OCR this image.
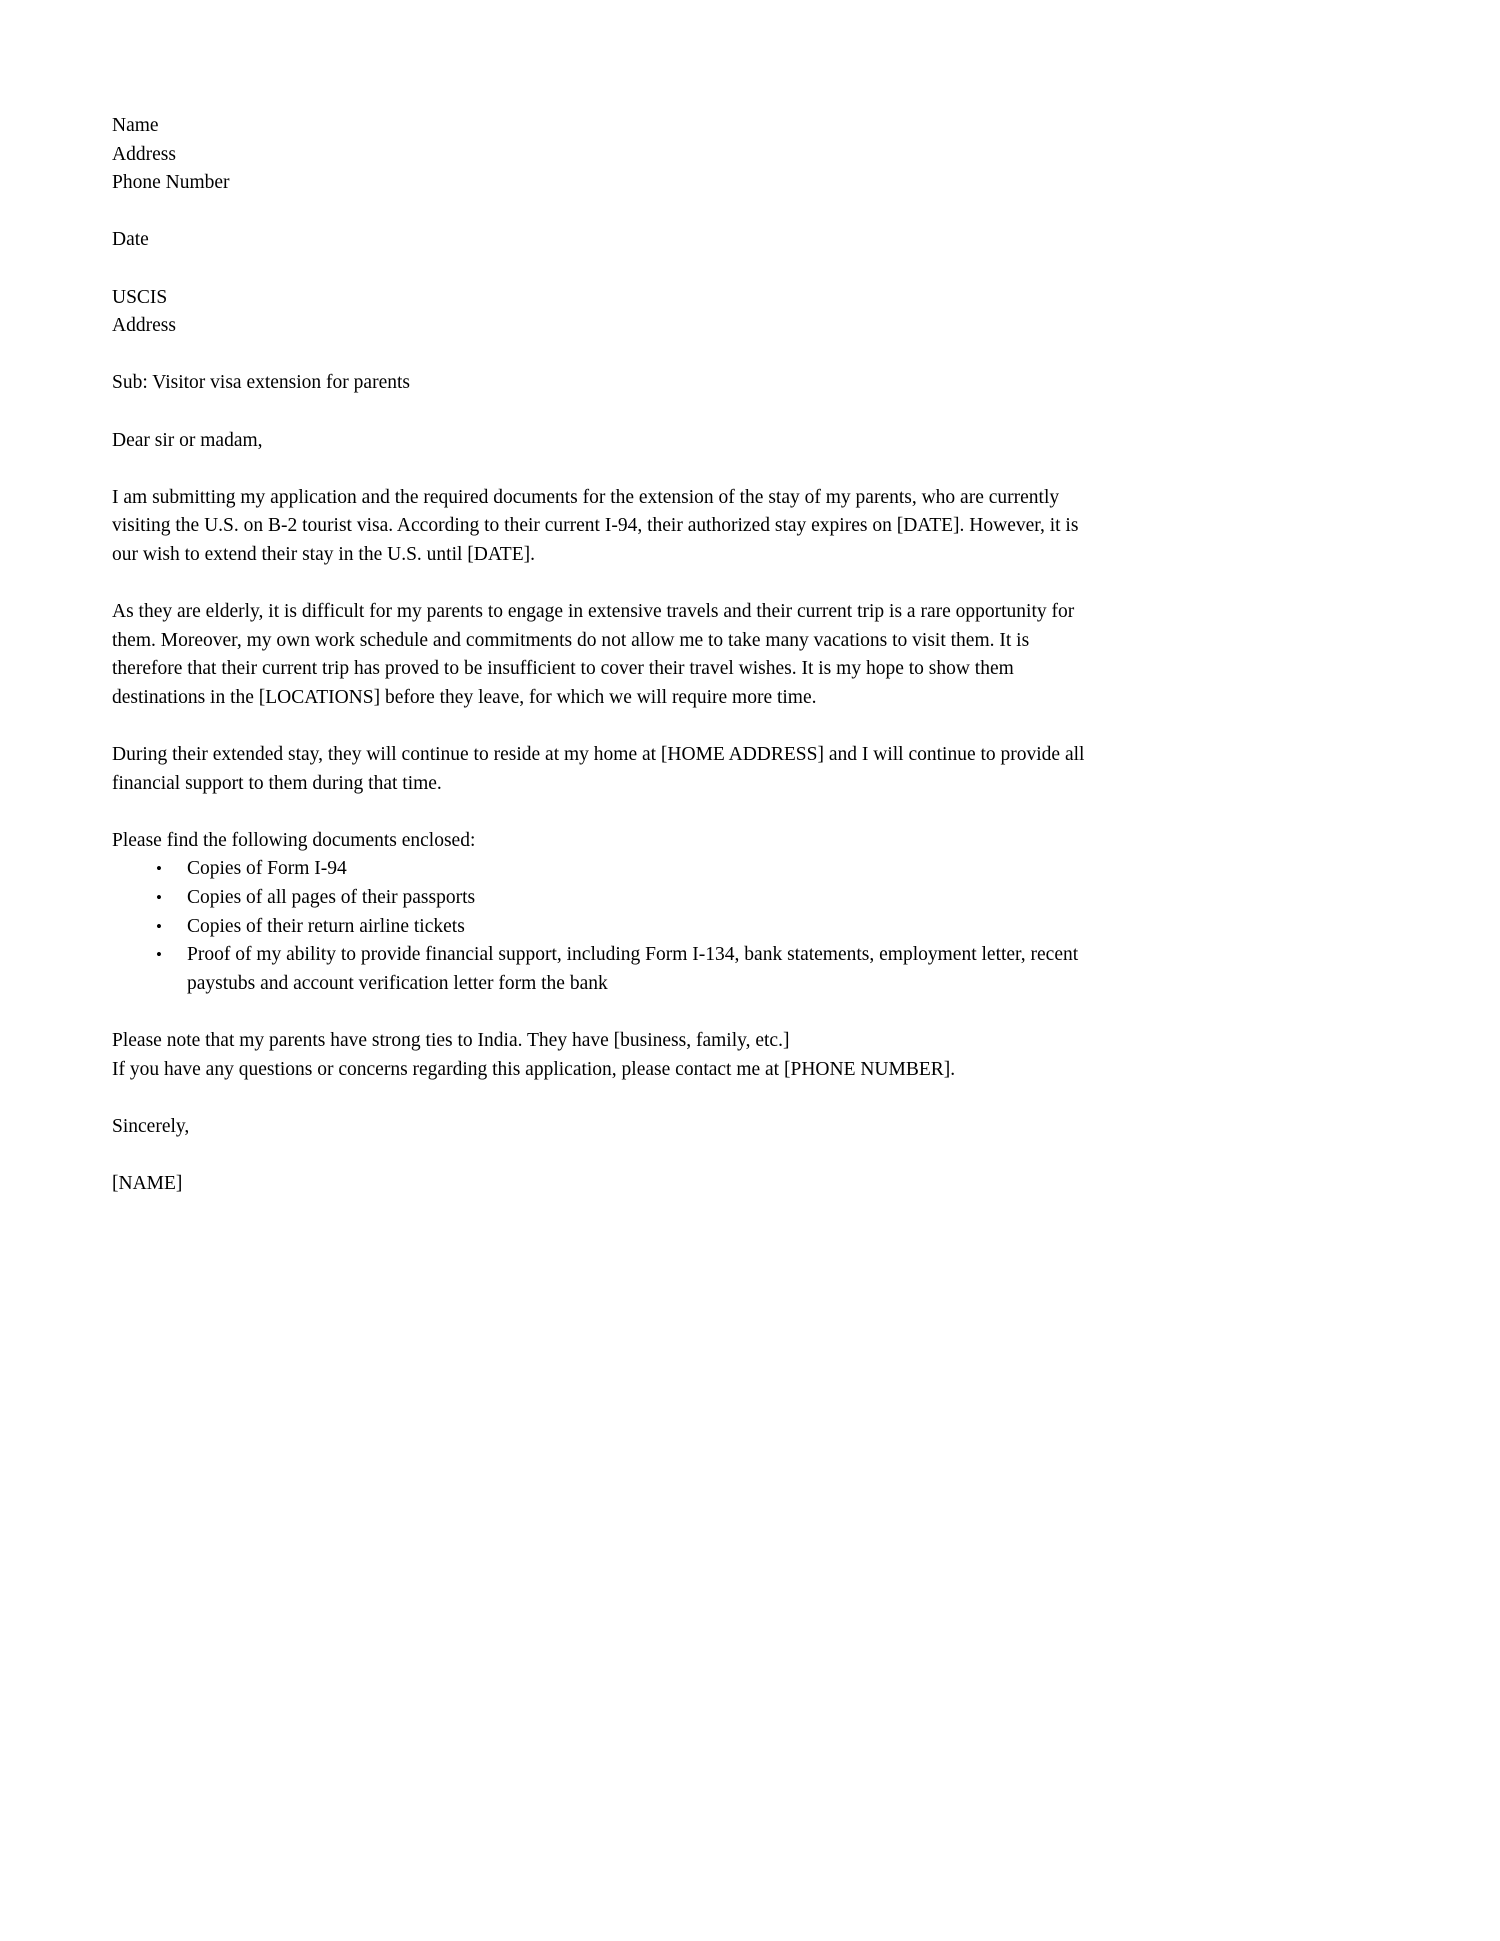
Name
Address
Phone Number
Date
USCIS
Address
Sub: Visitor visa extension for parents
Dear sir or madam,

I am submitting my application and the required documents for the extension of the stay of my parents, who are currently visiting the U.S. on B-2 tourist visa. According to their current I-94, their authorized stay expires on [DATE]. However, it is our wish to extend their stay in the U.S. until [DATE].

As they are elderly, it is difficult for my parents to engage in extensive travels and their current trip is a rare opportunity for them. Moreover, my own work schedule and commitments do not allow me to take many vacations to visit them. It is therefore that their current trip has proved to be insufficient to cover their travel wishes. It is my hope to show them destinations in the [LOCATIONS] before they leave, for which we will require more time.

During their extended stay, they will continue to reside at my home at [HOME ADDRESS] and I will continue to provide all financial support to them during that time.

Please find the following documents enclosed:

• Copies of Form I-94
• Copies of all pages of their passports
• Copies of their return airline tickets
• Proof of my ability to provide financial support, including Form I-134, bank statements, employment letter, recent paystubs and account verification letter form the bank

Please note that my parents have strong ties to India. They have [business, family, etc.]

If you have any questions or concerns regarding this application, please contact me at [PHONE NUMBER].

Sincerely,
[NAME]
